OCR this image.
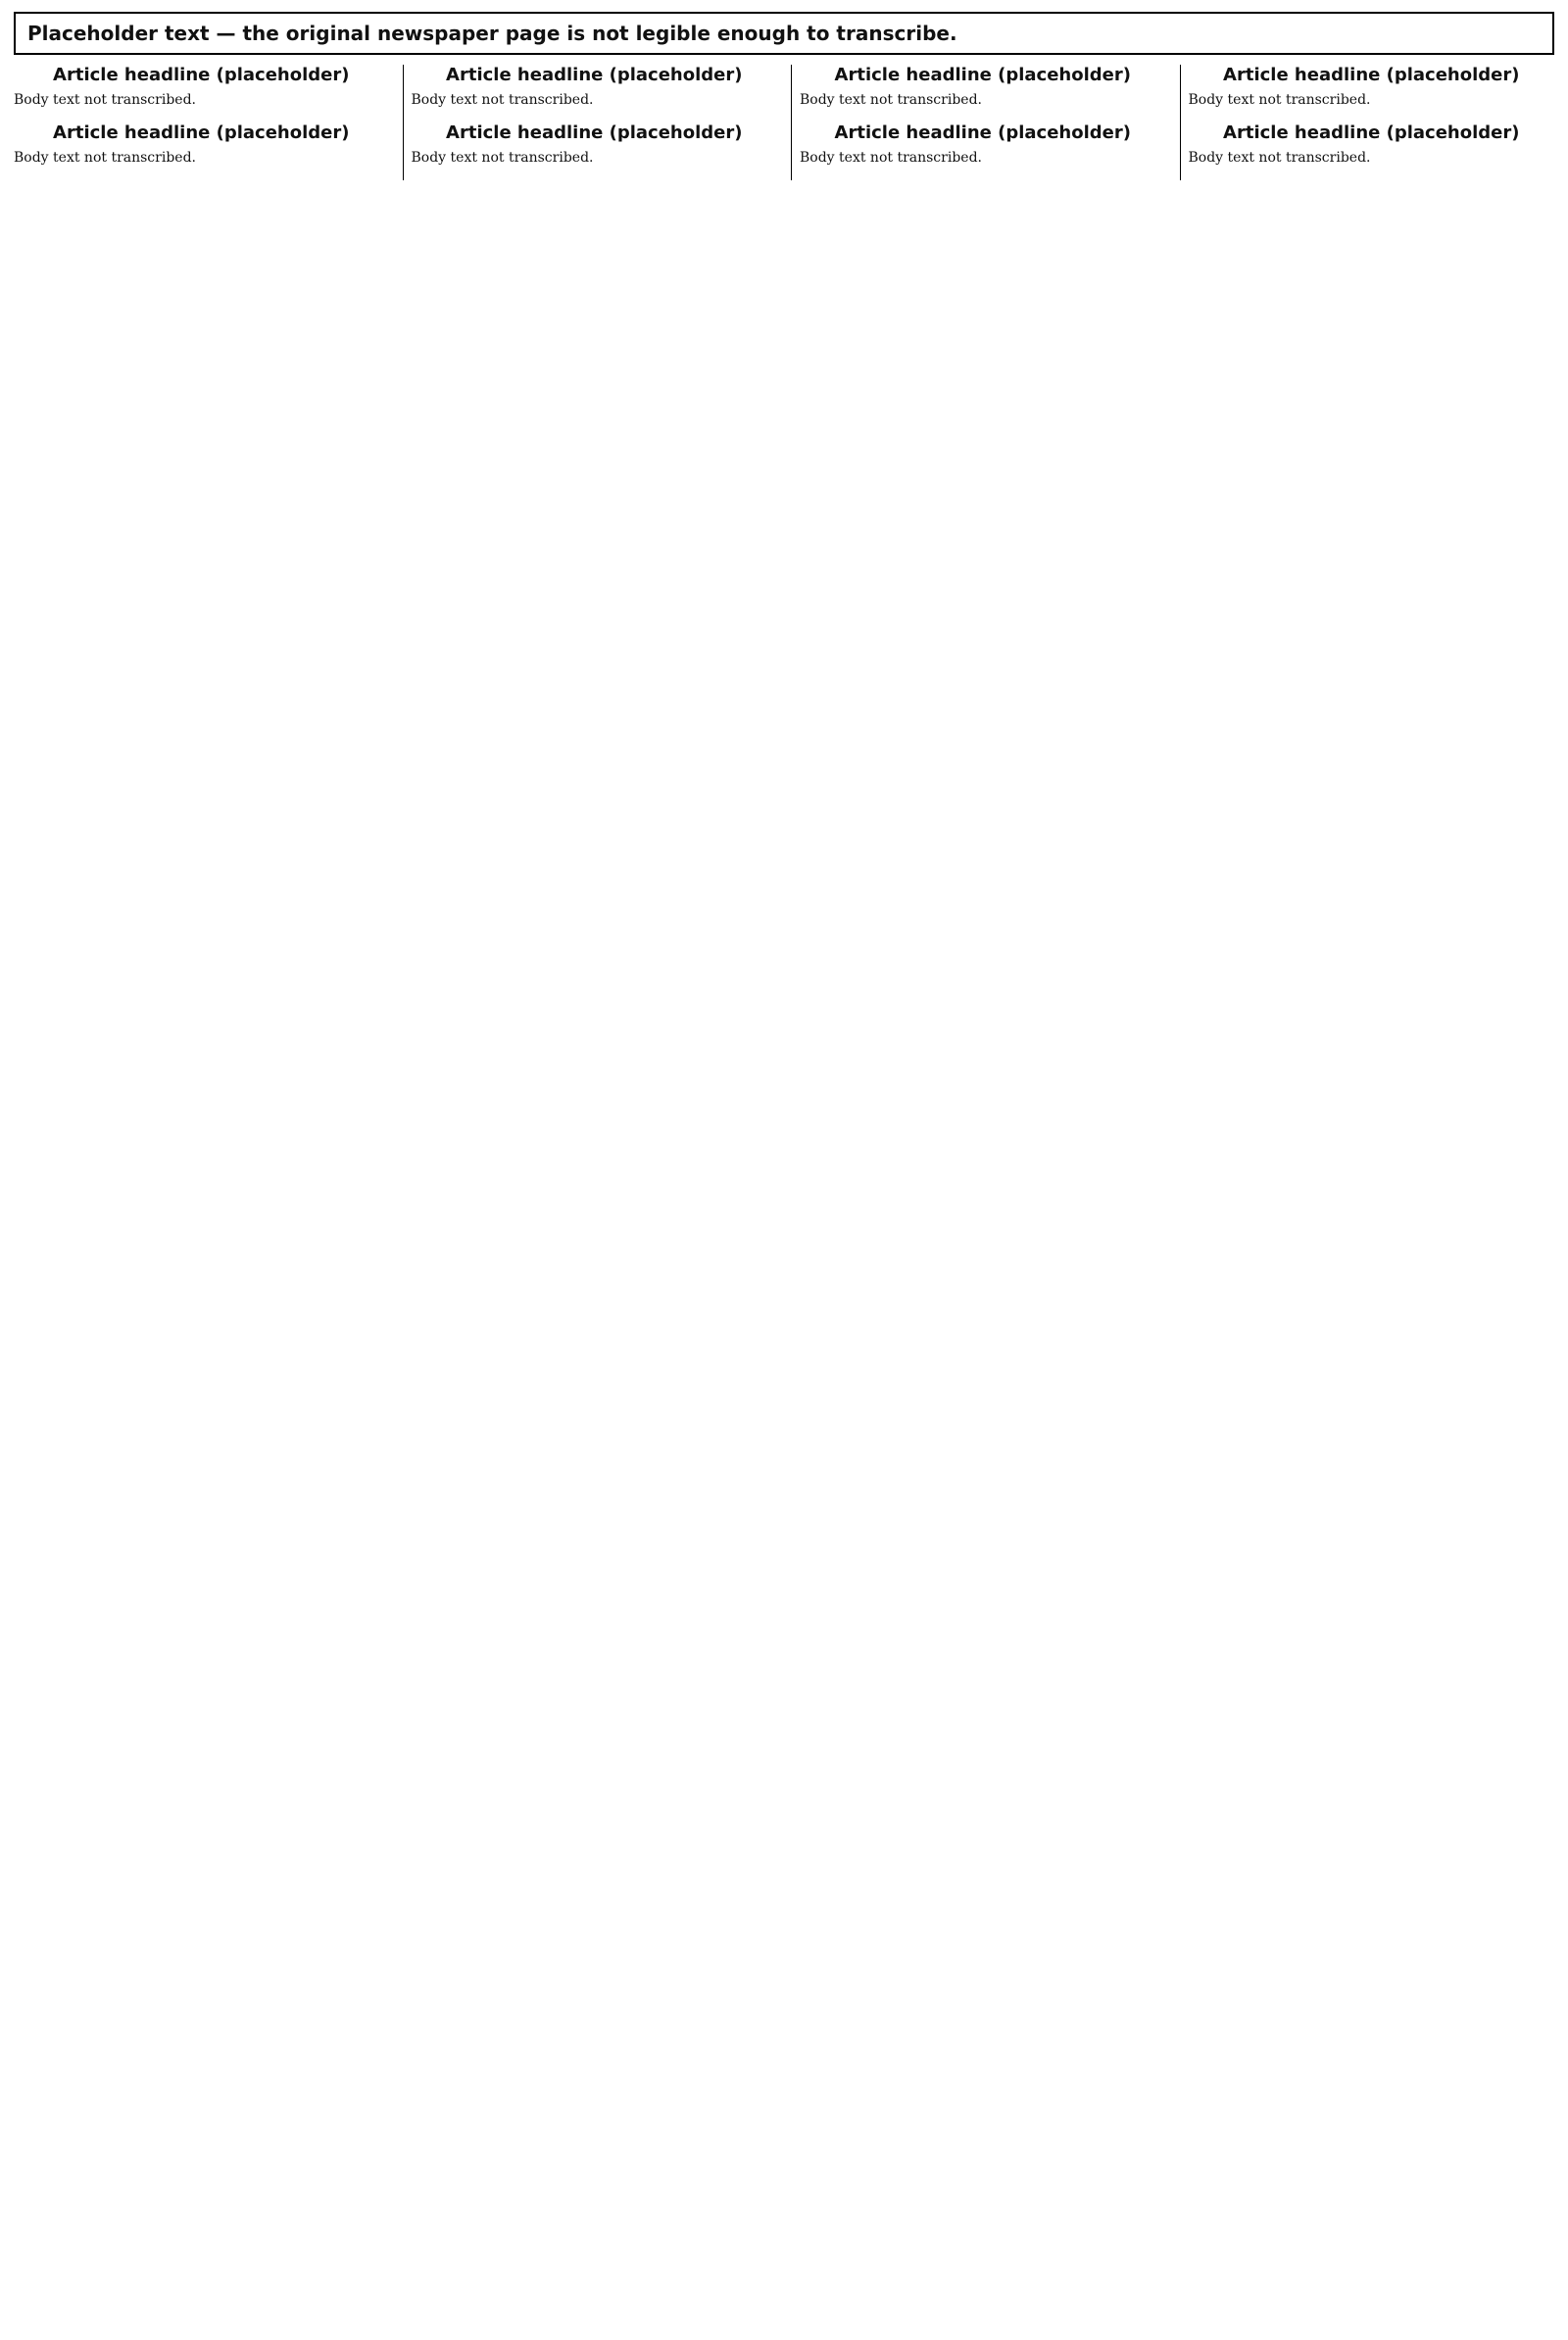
Placeholder text — the original newspaper page is not legible enough to transcribe.
Article headline (placeholder)

Body text not transcribed.

Article headline (placeholder)

Body text not transcribed.

Article headline (placeholder)

Body text not transcribed.

Article headline (placeholder)

Body text not transcribed.

Article headline (placeholder)

Body text not transcribed.

Article headline (placeholder)

Body text not transcribed.

Article headline (placeholder)

Body text not transcribed.

Article headline (placeholder)

Body text not transcribed.
